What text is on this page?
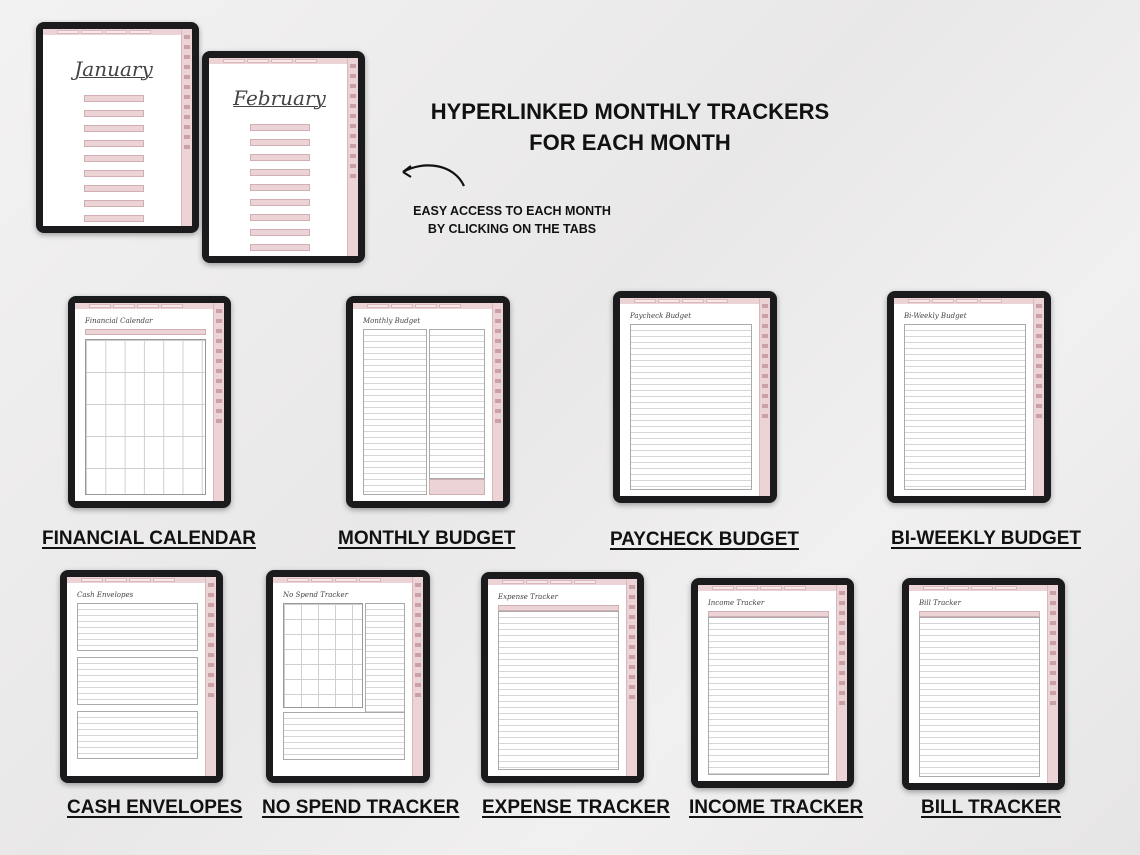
January
February
HYPERLINKED MONTHLY TRACKERS
FOR EACH MONTH
EASY ACCESS TO EACH MONTH
BY CLICKING ON THE TABS
Financial Calendar	Monthly Budget
Paycheck Budget	Bi-Weekly Budget
FINANCIAL CALENDAR	MONTHLY BUDGET	PAYCHECK BUDGET	BI-WEEKLY BUDGET
Cash Envelopes	No Spend Tracker	Expense Tracker
Income Tracker	Bill Tracker
CASH ENVELOPES NO SPEND TRACKER EXPENSE TRACKER INCOME TRACKER	BILL TRACKER
